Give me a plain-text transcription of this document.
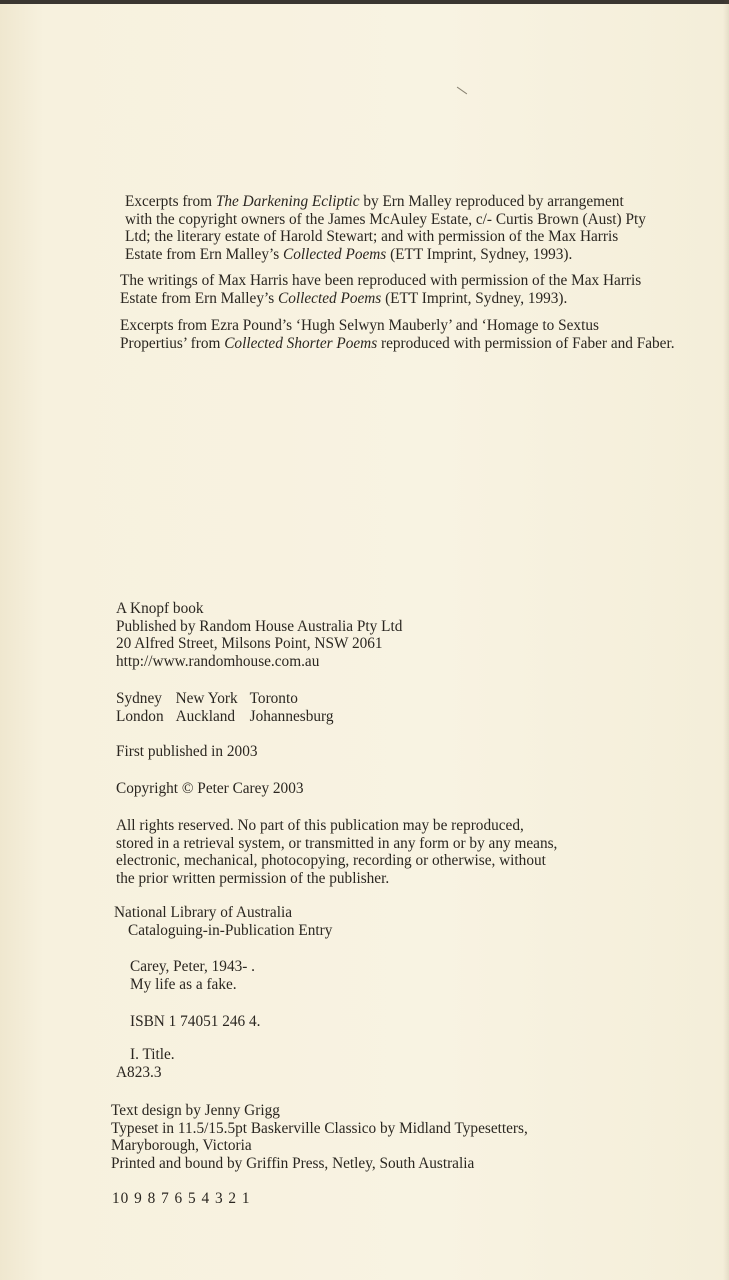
Excerpts from The Darkening Ecliptic by Ern Malley reproduced by arrangement
with the copyright owners of the James McAuley Estate, c/- Curtis Brown (Aust) Pty
Ltd; the literary estate of Harold Stewart; and with permission of the Max Harris
Estate from Ern Malley’s Collected Poems (ETT Imprint, Sydney, 1993).

The writings of Max Harris have been reproduced with permission of the Max Harris
Estate from Ern Malley’s Collected Poems (ETT Imprint, Sydney, 1993).

Excerpts from Ezra Pound’s ‘Hugh Selwyn Mauberly’ and ‘Homage to Sextus
Propertius’ from Collected Shorter Poems reproduced with permission of Faber and Faber.

A Knopf book
Published by Random House Australia Pty Ltd
20 Alfred Street, Milsons Point, NSW 2061
http://www.randomhouse.com.au
Sydney	New York	Toronto
London	Auckland	Johannesburg
First published in 2003
Copyright © Peter Carey 2003
All rights reserved. No part of this publication may be reproduced,
stored in a retrieval system, or transmitted in any form or by any means,
electronic, mechanical, photocopying, recording or otherwise, without
the prior written permission of the publisher.
National Library of Australia
Cataloguing-in-Publication Entry
Carey, Peter, 1943- .
My life as a fake.
ISBN 1 74051 246 4.
I. Title.
A823.3
Text design by Jenny Grigg
Typeset in 11.5/15.5pt Baskerville Classico by Midland Typesetters,
Maryborough, Victoria
Printed and bound by Griffin Press, Netley, South Australia
10 9 8 7 6 5 4 3 2 1
